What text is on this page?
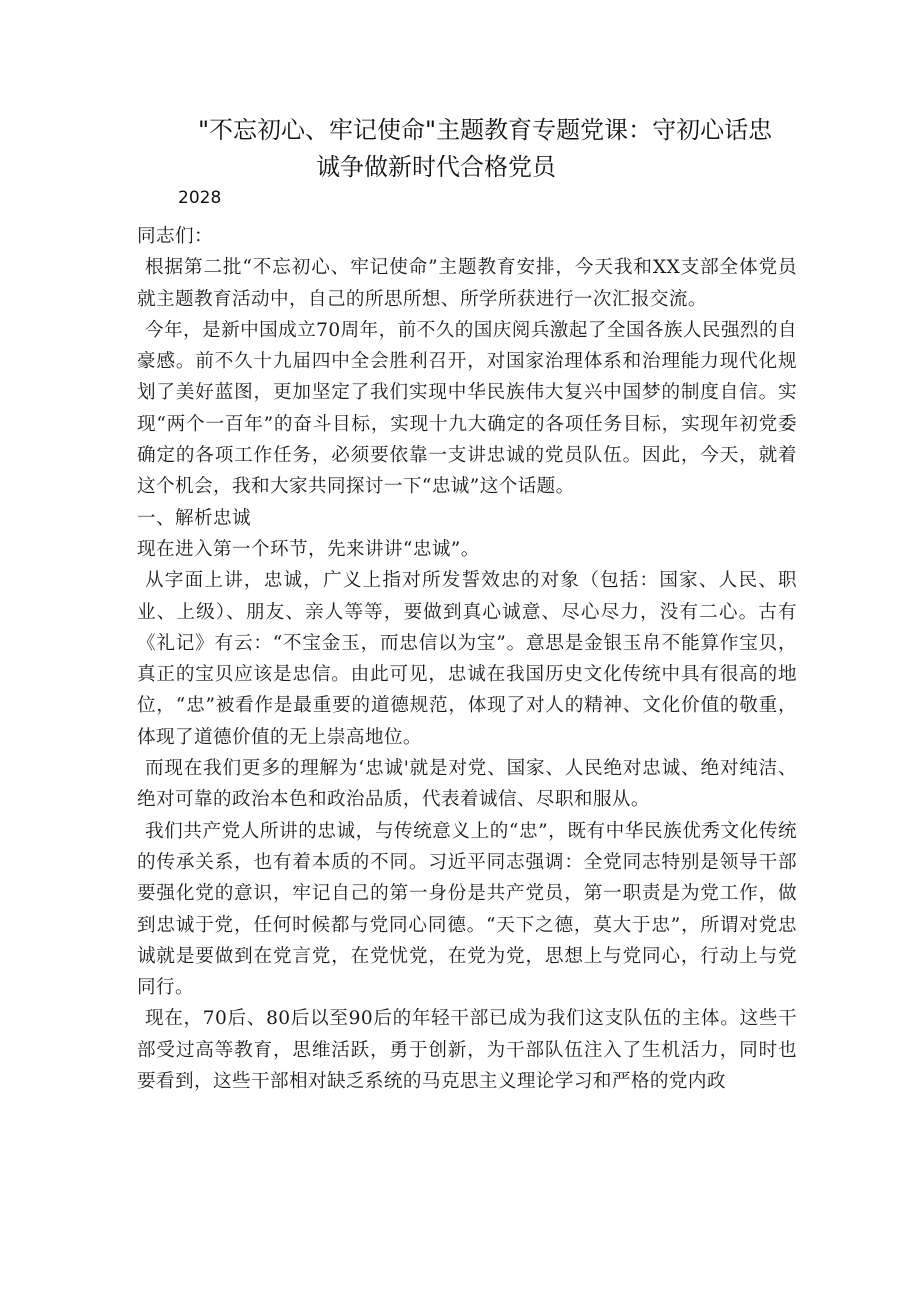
"不忘初心、牢记使命"主题教育专题党课：守初心话忠
诚争做新时代合格党员
2028

同志们：

根据第二批“不忘初心、牢记使命”主题教育安排，今天我和XX支部全体党员就主题教育活动中，自己的所思所想、所学所获进行一次汇报交流。

今年，是新中国成立70周年，前不久的国庆阅兵激起了全国各族人民强烈的自豪感。前不久十九届四中全会胜利召开，对国家治理体系和治理能力现代化规划了美好蓝图，更加坚定了我们实现中华民族伟大复兴中国梦的制度自信。实现“两个一百年”的奋斗目标，实现十九大确定的各项任务目标，实现年初党委确定的各项工作任务，必须要依靠一支讲忠诚的党员队伍。因此，今天，就着这个机会，我和大家共同探讨一下“忠诚”这个话题。

一、解析忠诚

现在进入第一个环节，先来讲讲“忠诚”。

从字面上讲，忠诚，广义上指对所发誓效忠的对象（包括：国家、人民、职业、上级）、朋友、亲人等等，要做到真心诚意、尽心尽力，没有二心。古有《礼记》有云：“不宝金玉，而忠信以为宝”。意思是金银玉帛不能算作宝贝，真正的宝贝应该是忠信。由此可见，忠诚在我国历史文化传统中具有很高的地位，“忠”被看作是最重要的道德规范，体现了对人的精神、文化价值的敬重，体现了道德价值的无上崇高地位。

而现在我们更多的理解为‘忠诚'就是对党、国家、人民绝对忠诚、绝对纯洁、绝对可靠的政治本色和政治品质，代表着诚信、尽职和服从。

我们共产党人所讲的忠诚，与传统意义上的“忠”，既有中华民族优秀文化传统的传承关系，也有着本质的不同。习近平同志强调：全党同志特别是领导干部要强化党的意识，牢记自己的第一身份是共产党员，第一职责是为党工作，做到忠诚于党，任何时候都与党同心同德。“天下之德，莫大于忠”，所谓对党忠诚就是要做到在党言党，在党忧党，在党为党，思想上与党同心，行动上与党同行。

现在，70后、80后以至90后的年轻干部已成为我们这支队伍的主体。这些干部受过高等教育，思维活跃，勇于创新，为干部队伍注入了生机活力，同时也要看到，这些干部相对缺乏系统的马克思主义理论学习和严格的党内政
